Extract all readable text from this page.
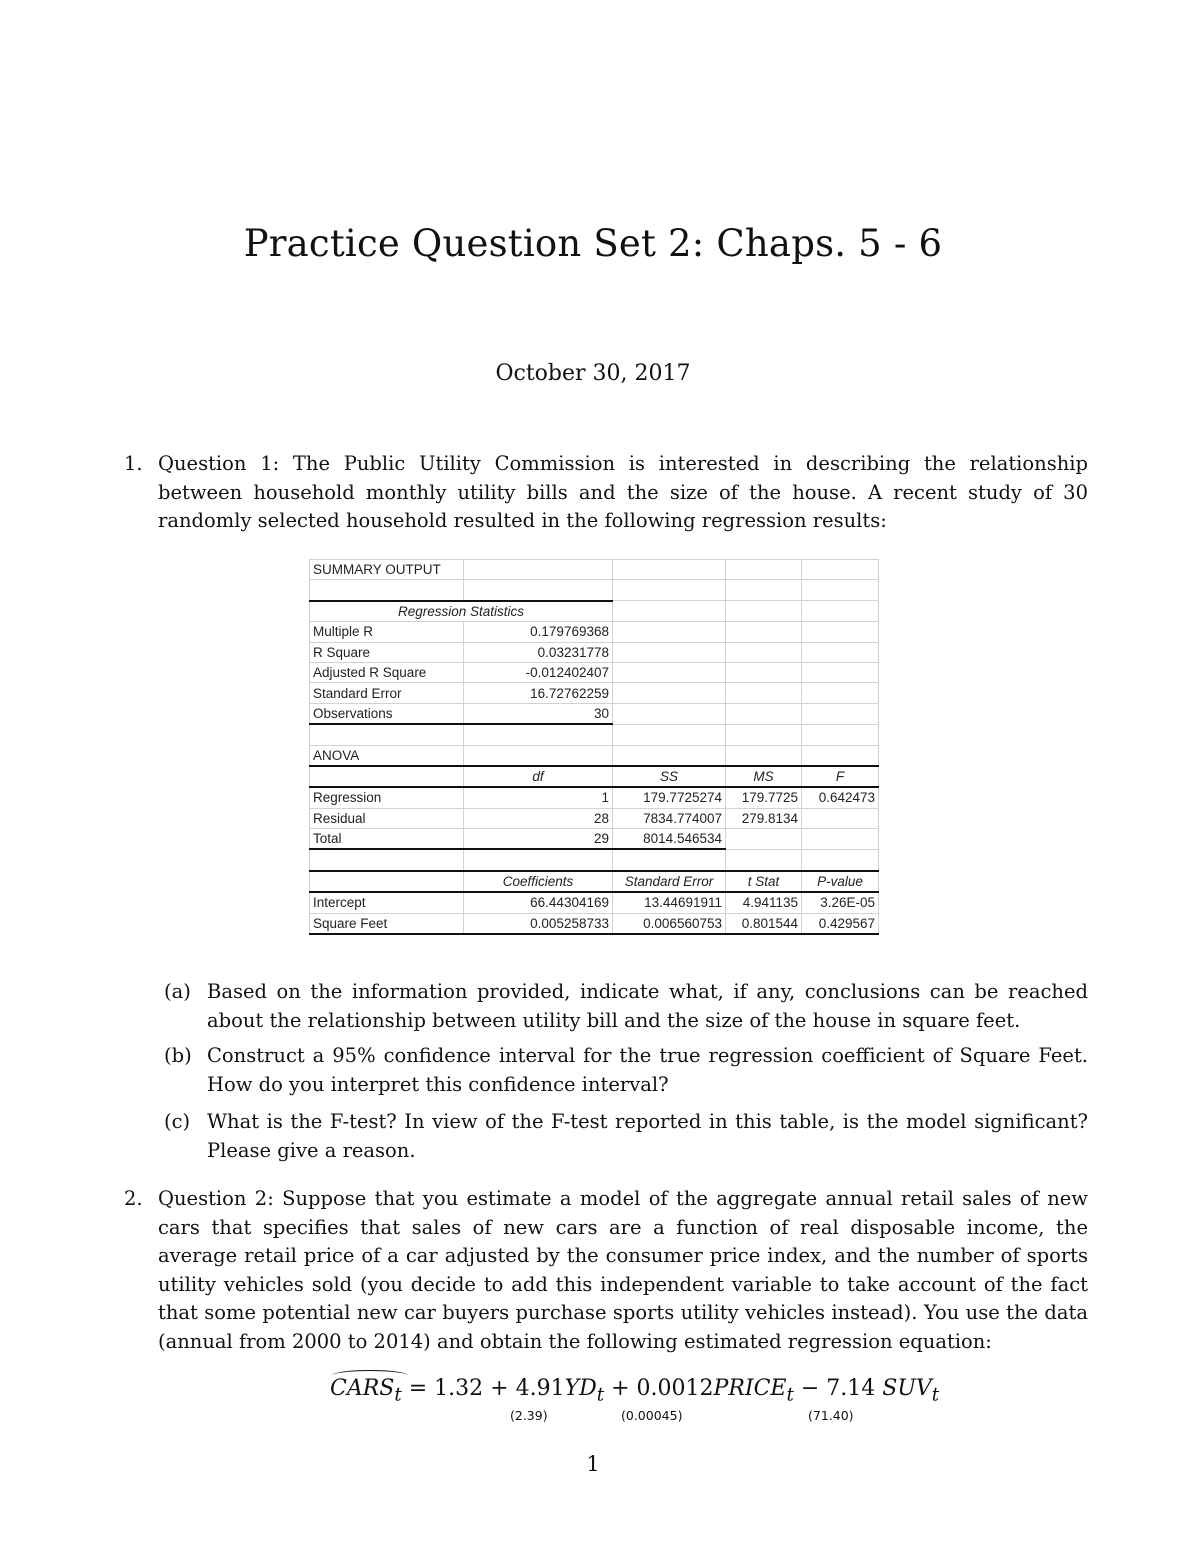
Practice Question Set 2: Chaps. 5 - 6
October 30, 2017
1. Question 1: The Public Utility Commission is interested in describing the relationship between household monthly utility bills and the size of the house. A recent study of 30 randomly selected household resulted in the following regression results:
SUMMARY OUTPUT				

Regression Statistics				
Multiple R	0.179769368			
R Square	0.03231778			
Adjusted R Square	-0.012402407			
Standard Error	16.72762259			
Observations	30			

ANOVA				
	df	SS	MS	F
Regression	1	179.7725274	179.7725	0.642473
Residual	28	7834.774007	279.8134	
Total	29	8014.546534		

	Coefficients	Standard Error	t Stat	P-value
Intercept	66.44304169	13.44691911	4.941135	3.26E-05
Square Feet	0.005258733	0.006560753	0.801544	0.429567
(a) Based on the information provided, indicate what, if any, conclusions can be reached about the relationship between utility bill and the size of the house in square feet.
(b) Construct a 95% confidence interval for the true regression coefficient of Square Feet. How do you interpret this confidence interval?
(c) What is the F-test? In view of the F-test reported in this table, is the model significant? Please give a reason.
2. Question 2: Suppose that you estimate a model of the aggregate annual retail sales of new cars that specifies that sales of new cars are a function of real disposable income, the average retail price of a car adjusted by the consumer price index, and the number of sports utility vehicles sold (you decide to add this independent variable to take account of the fact that some potential new car buyers purchase sports utility vehicles instead). You use the data (annual from 2000 to 2014) and obtain the following estimated regression equation:
$CARS_t = 1.32 + 4.91YD_t$ + $0.0012PRICE_t - 7.14$ $SUV_t$
(2.39)	(0.00045)	(71.40)
1
